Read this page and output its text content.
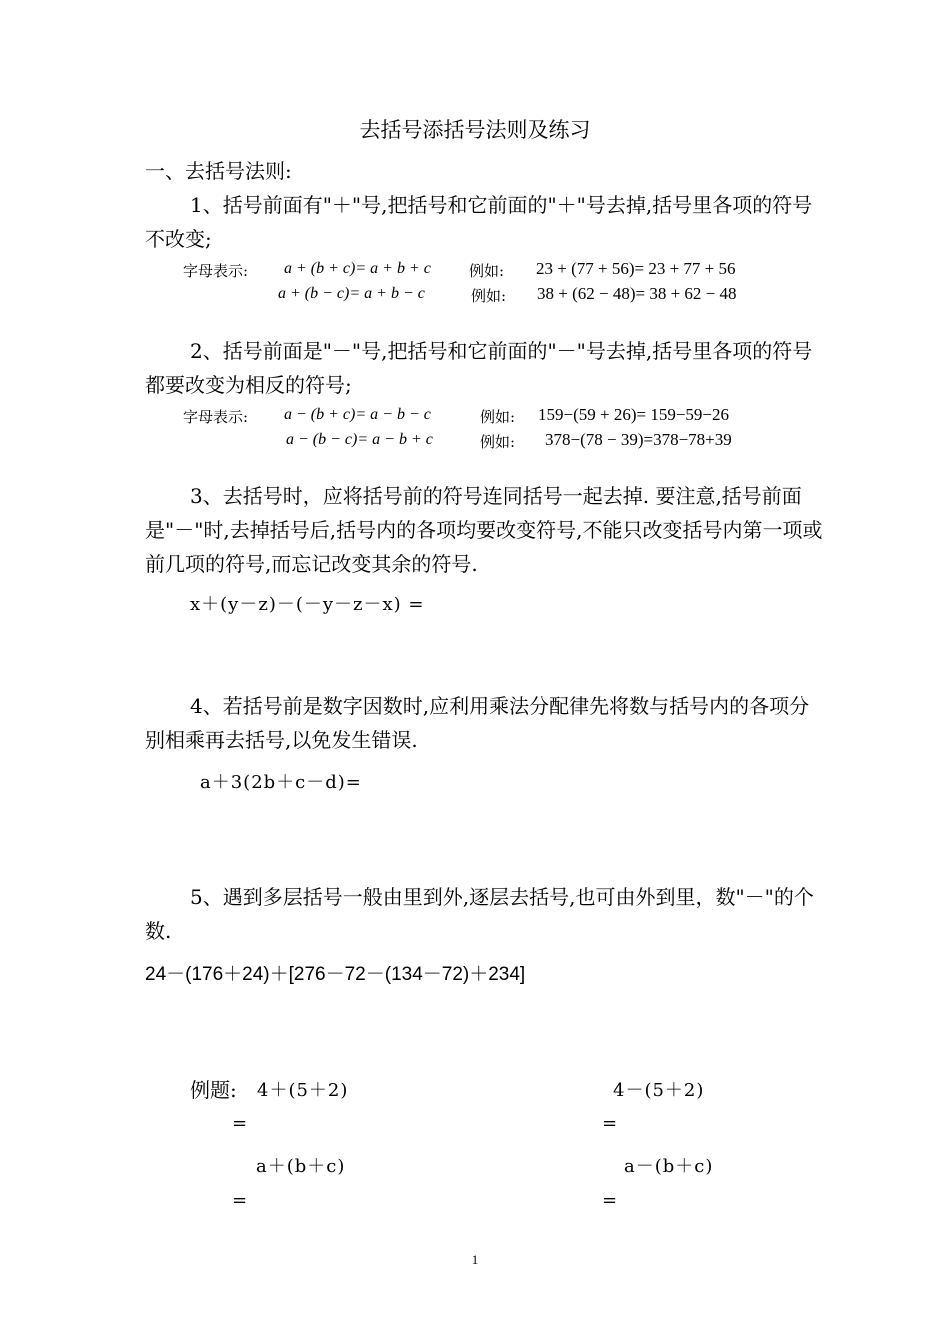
去括号添括号法则及练习
一、去括号法则:
1、括号前面有"＋"号,把括号和它前面的"＋"号去掉,括号里各项的符号不改变;
字母表示: a + (b + c)= a + b + c	例如: 23 + (77 + 56)= 23 + 77 + 56
a + (b − c)= a + b − c	例如: 38 + (62 − 48)= 38 + 62 − 48
2、括号前面是"－"号,把括号和它前面的"－"号去掉,括号里各项的符号都要改变为相反的符号;
字母表示: a − (b + c)= a − b − c	例如: 159−(59 + 26)= 159−59−26
a − (b − c)= a − b + c	例如: 378−(78 − 39)=378−78+39
3、去括号时，应将括号前的符号连同括号一起去掉. 要注意,括号前面是"－"时,去掉括号后,括号内的各项均要改变符号,不能只改变括号内第一项或前几项的符号,而忘记改变其余的符号.
x＋(y－z)－(－y－z－x) =
4、若括号前是数字因数时,应利用乘法分配律先将数与括号内的各项分别相乘再去括号,以免发生错误.
a＋3(2b＋c－d)=
5、遇到多层括号一般由里到外,逐层去括号,也可由外到里，数"－"的个数.
24－(176＋24)＋[276－72－(134－72)＋234]
例题: 4＋(5＋2)
=
a＋(b＋c)
=
4－(5＋2)
=
a－(b＋c)
=
1
